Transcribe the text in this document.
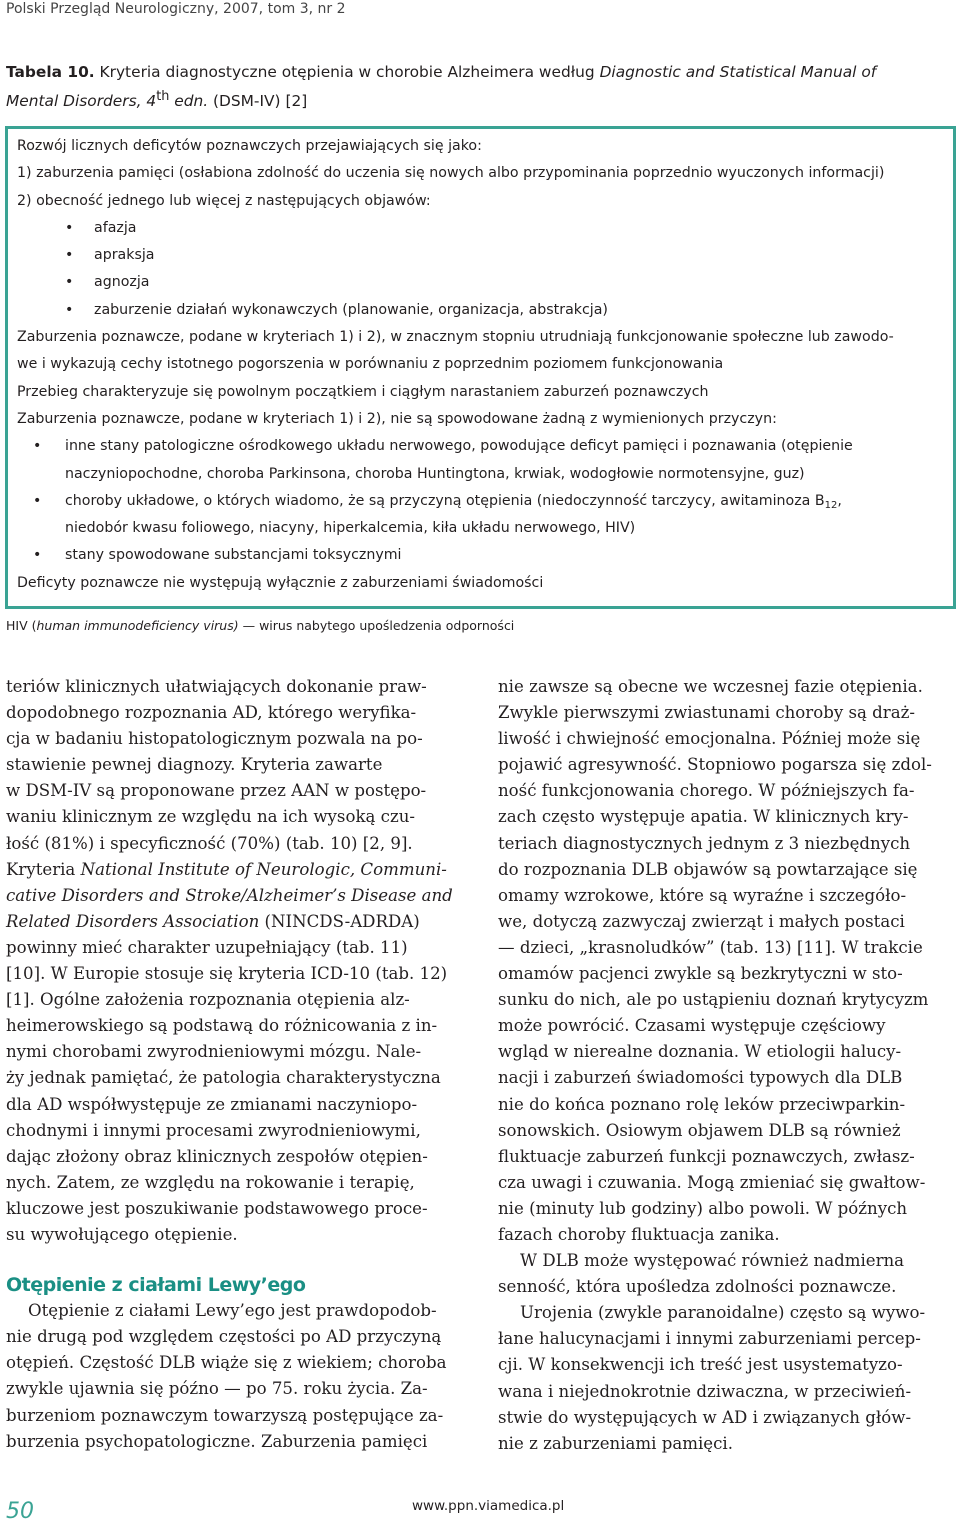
Polski Przegląd Neurologiczny, 2007, tom 3, nr 2
Tabela 10. Kryteria diagnostyczne otępienia w chorobie Alzheimera według Diagnostic and Statistical Manual of
Mental Disorders, 4th edn. (DSM-IV) [2]
Rozwój licznych deficytów poznawczych przejawiających się jako:
1) zaburzenia pamięci (osłabiona zdolność do uczenia się nowych albo przypominania poprzednio wyuczonych informacji)
2) obecność jednego lub więcej z następujących objawów:
• afazja
• apraksja
• agnozja
• zaburzenie działań wykonawczych (planowanie, organizacja, abstrakcja)
Zaburzenia poznawcze, podane w kryteriach 1) i 2), w znacznym stopniu utrudniają funkcjonowanie społeczne lub zawodo-
we i wykazują cechy istotnego pogorszenia w porównaniu z poprzednim poziomem funkcjonowania
Przebieg charakteryzuje się powolnym początkiem i ciągłym narastaniem zaburzeń poznawczych
Zaburzenia poznawcze, podane w kryteriach 1) i 2), nie są spowodowane żadną z wymienionych przyczyn:
• inne stany patologiczne ośrodkowego układu nerwowego, powodujące deficyt pamięci i poznawania (otępienie
naczyniopochodne, choroba Parkinsona, choroba Huntingtona, krwiak, wodogłowie normotensyjne, guz)
• choroby układowe, o których wiadomo, że są przyczyną otępienia (niedoczynność tarczycy, awitaminoza $B_{12}$,
niedobór kwasu foliowego, niacyny, hiperkalcemia, kiła układu nerwowego, HIV)
• stany spowodowane substancjami toksycznymi
Deficyty poznawcze nie występują wyłącznie z zaburzeniami świadomości
HIV (human immunodeficiency virus) — wirus nabytego upośledzenia odporności
teriów klinicznych ułatwiających dokonanie praw-
dopodobnego rozpoznania AD, którego weryfika-
cja w badaniu histopatologicznym pozwala na po-
stawienie pewnej diagnozy. Kryteria zawarte
w DSM-IV są proponowane przez AAN w postępo-
waniu klinicznym ze względu na ich wysoką czu-
łość (81%) i specyficzność (70%) (tab. 10) [2, 9].
Kryteria National Institute of Neurologic, Communi-
cative Disorders and Stroke/Alzheimer’s Disease and
Related Disorders Association (NINCDS-ADRDA)
powinny mieć charakter uzupełniający (tab. 11)
[10]. W Europie stosuje się kryteria ICD-10 (tab. 12)
[1]. Ogólne założenia rozpoznania otępienia alz-
heimerowskiego są podstawą do różnicowania z in-
nymi chorobami zwyrodnieniowymi mózgu. Nale-
ży jednak pamiętać, że patologia charakterystyczna
dla AD współwystępuje ze zmianami naczyniopo-
chodnymi i innymi procesami zwyrodnieniowymi,
dając złożony obraz klinicznych zespołów otępien-
nych. Zatem, ze względu na rokowanie i terapię,
kluczowe jest poszukiwanie podstawowego proce-
su wywołującego otępienie.
Otępienie z ciałami Lewy’ego
Otępienie z ciałami Lewy’ego jest prawdopodob-
nie drugą pod względem częstości po AD przyczyną
otępień. Częstość DLB wiąże się z wiekiem; choroba
zwykle ujawnia się późno — po 75. roku życia. Za-
burzeniom poznawczym towarzyszą postępujące za-
burzenia psychopatologiczne. Zaburzenia pamięci
nie zawsze są obecne we wczesnej fazie otępienia.
Zwykle pierwszymi zwiastunami choroby są draż-
liwość i chwiejność emocjonalna. Później może się
pojawić agresywność. Stopniowo pogarsza się zdol-
ność funkcjonowania chorego. W późniejszych fa-
zach często występuje apatia. W klinicznych kry-
teriach diagnostycznych jednym z 3 niezbędnych
do rozpoznania DLB objawów są powtarzające się
omamy wzrokowe, które są wyraźne i szczegóło-
we, dotyczą zazwyczaj zwierząt i małych postaci
— dzieci, „krasnoludków” (tab. 13) [11]. W trakcie
omamów pacjenci zwykle są bezkrytyczni w sto-
sunku do nich, ale po ustąpieniu doznań krytycyzm
może powrócić. Czasami występuje częściowy
wgląd w nierealne doznania. W etiologii halucy-
nacji i zaburzeń świadomości typowych dla DLB
nie do końca poznano rolę leków przeciwparkin-
sonowskich. Osiowym objawem DLB są również
fluktuacje zaburzeń funkcji poznawczych, zwłasz-
cza uwagi i czuwania. Mogą zmieniać się gwałtow-
nie (minuty lub godziny) albo powoli. W późnych
fazach choroby fluktuacja zanika.
W DLB może występować również nadmierna
senność, która upośledza zdolności poznawcze.
Urojenia (zwykle paranoidalne) często są wywo-
łane halucynacjami i innymi zaburzeniami percep-
cji. W konsekwencji ich treść jest usystematyzo-
wana i niejednokrotnie dziwaczna, w przeciwień-
stwie do występujących w AD i związanych głów-
nie z zaburzeniami pamięci.
50	www.ppn.viamedica.pl
